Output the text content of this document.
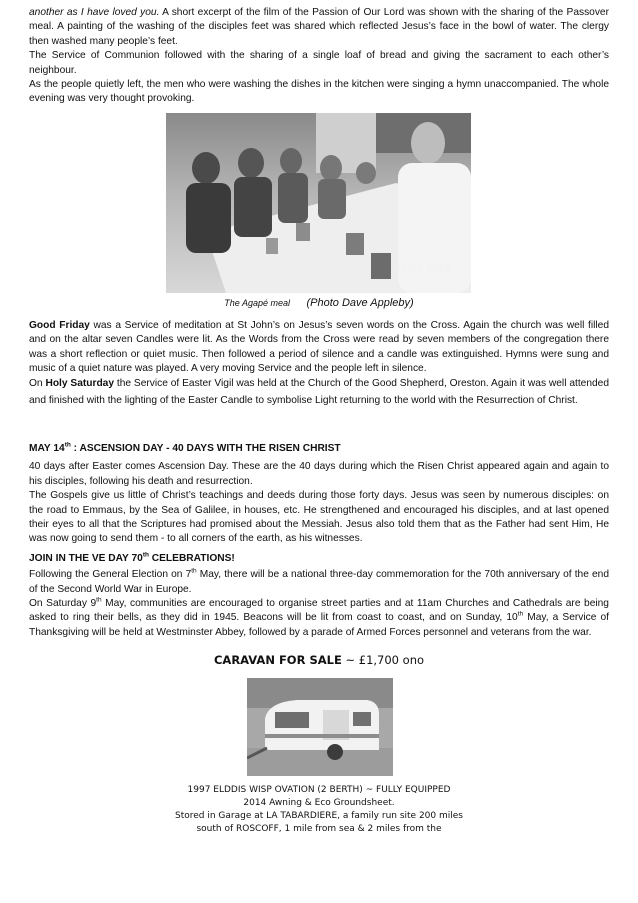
another as I have loved you. A short excerpt of the film of the Passion of Our Lord was shown with the sharing of the Passover meal. A painting of the washing of the disciples feet was shared which reflected Jesus’s face in the bowl of water. The clergy then washed many people’s feet.

The Service of Communion followed with the sharing of a single loaf of bread and giving the sacrament to each other’s neighbour.

As the people quietly left, the men who were washing the dishes in the kitchen were singing a hymn unaccompanied. The whole evening was very thought provoking.

02.04.2015
The Agapé meal (Photo Dave Appleby)

Good Friday was a Service of meditation at St John’s on Jesus’s seven words on the Cross. Again the church was well filled and on the altar seven Candles were lit. As the Words from the Cross were read by seven members of the congregation there was a short reflection or quiet music. Then followed a period of silence and a candle was extinguished. Hymns were sung and music of a quiet nature was played. A very moving Service and the people left in silence.

On Holy Saturday the Service of Easter Vigil was held at the Church of the Good Shepherd, Oreston. Again it was well attended and finished with the lighting of the Easter Candle to symbolise Light returning to the world with the Resurrection of Christ.

MAY 14th : ASCENSION DAY - 40 DAYS WITH THE RISEN CHRIST

40 days after Easter comes Ascension Day. These are the 40 days during which the Risen Christ appeared again and again to his disciples, following his death and resurrection.

The Gospels give us little of Christ’s teachings and deeds during those forty days. Jesus was seen by numerous disciples: on the road to Emmaus, by the Sea of Galilee, in houses, etc. He strengthened and encouraged his disciples, and at last opened their eyes to all that the Scriptures had promised about the Messiah. Jesus also told them that as the Father had sent Him, He was now going to send them - to all corners of the earth, as his witnesses.

JOIN IN THE VE DAY 70th CELEBRATIONS!

Following the General Election on 7th May, there will be a national three-day commemoration for the 70th anniversary of the end of the Second World War in Europe.

On Saturday 9th May, communities are encouraged to organise street parties and at 11am Churches and Cathedrals are being asked to ring their bells, as they did in 1945. Beacons will be lit from coast to coast, and on Sunday, 10th May, a Service of Thanksgiving will be held at Westminster Abbey, followed by a parade of Armed Forces personnel and veterans from the war.

CARAVAN FOR SALE ~ £1,700 ono
1997 ELDDIS WISP OVATION (2 BERTH) ~ FULLY EQUIPPED
2014 Awning & Eco Groundsheet.
Stored in Garage at LA TABARDIERE, a family run site 200 miles
south of ROSCOFF, 1 mile from sea & 2 miles from the
